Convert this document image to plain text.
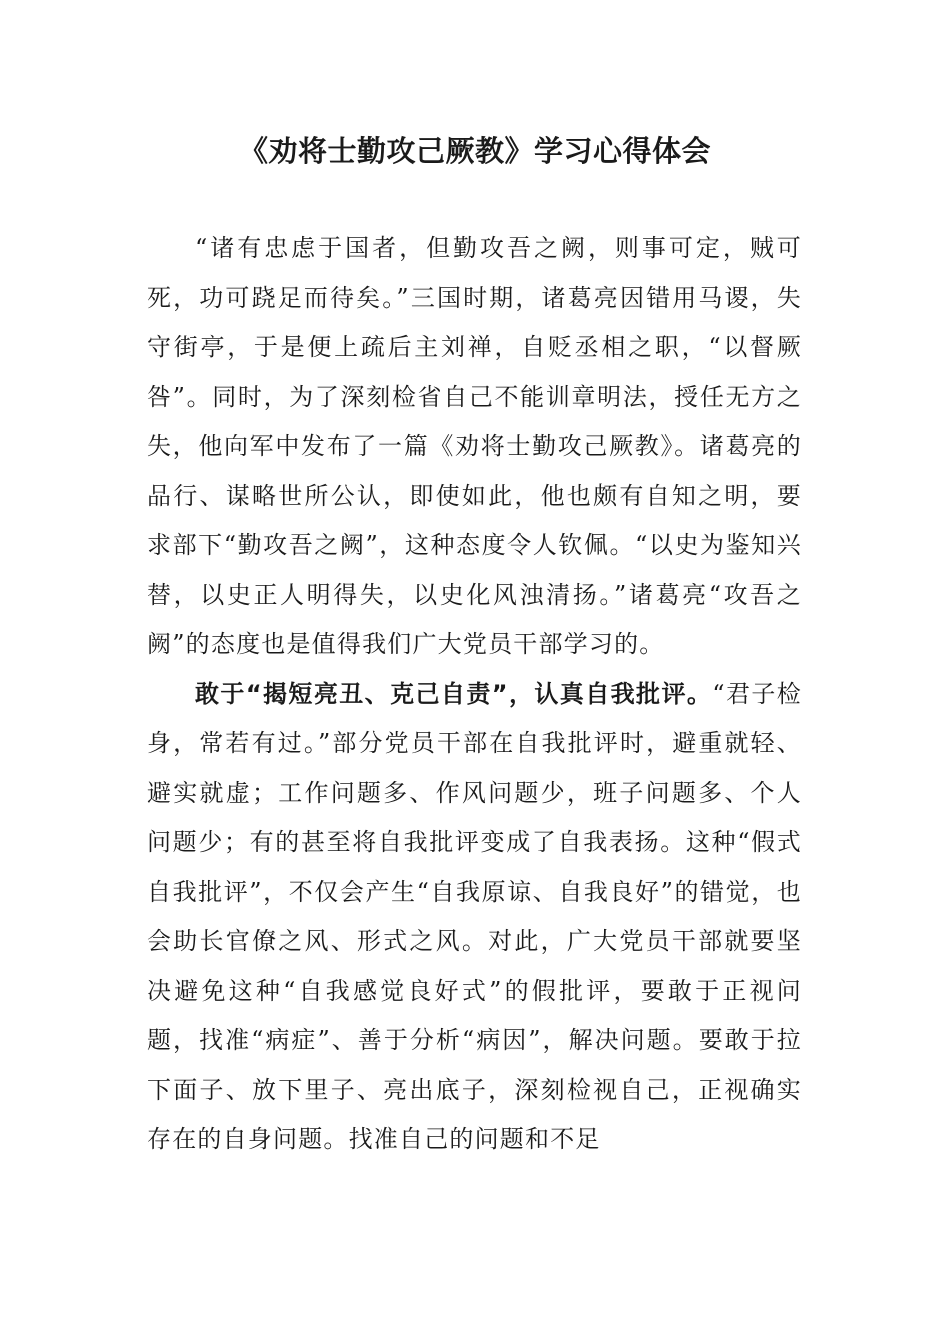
《劝将士勤攻己厥教》学习心得体会

“诸有忠虑于国者，但勤攻吾之阙，则事可定，贼可死，功可跷足而待矣。”三国时期，诸葛亮因错用马谡，失守街亭，于是便上疏后主刘禅，自贬丞相之职，“以督厥咎”。同时，为了深刻检省自己不能训章明法，授任无方之失，他向军中发布了一篇《劝将士勤攻己厥教》。诸葛亮的品行、谋略世所公认，即使如此，他也颇有自知之明，要求部下“勤攻吾之阙”，这种态度令人钦佩。“以史为鉴知兴替，以史正人明得失，以史化风浊清扬。”诸葛亮“攻吾之阙”的态度也是值得我们广大党员干部学习的。

敢于“揭短亮丑、克己自责”，认真自我批评。“君子检身，常若有过。”部分党员干部在自我批评时，避重就轻、避实就虚；工作问题多、作风问题少，班子问题多、个人问题少；有的甚至将自我批评变成了自我表扬。这种“假式自我批评”，不仅会产生“自我原谅、自我良好”的错觉，也会助长官僚之风、形式之风。对此，广大党员干部就要坚决避免这种“自我感觉良好式”的假批评，要敢于正视问题，找准“病症”、善于分析“病因”，解决问题。要敢于拉下面子、放下里子、亮出底子，深刻检视自己，正视确实存在的自身问题。找准自己的问题和不足
